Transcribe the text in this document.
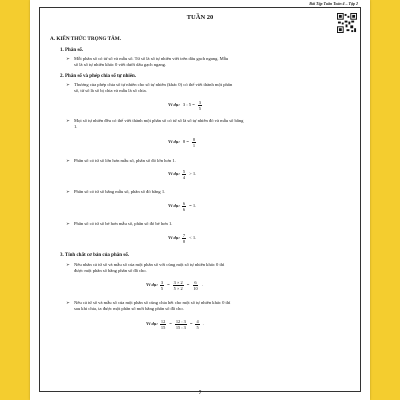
Bài Tập Tuần Toán 4 – Tập 2
TUẦN 20
A. KIẾN THỨC TRỌNG TÂM.
1. Phân số.
➢ Mỗi phân số có tử số và mẫu số. Tử số là số tự nhiên viết trên dấu gạch ngang. Mẫu

số là số tự nhiên khác 0 viết dưới dấu gạch ngang.

2. Phân số và phép chia số tự nhiên.
➢ Thương của phép chia số tự nhiên cho số tự nhiên (khác 0) có thể viết thành một phân

số, tử số là số bị chia và mẫu là số chia.

Ví dụ: 3 : $5 = \frac{3}{5}$
➢ Mọi số tự nhiên đều có thể viết thành một phân số có tử số là số tự nhiên đó và mẫu số bằng

1.

Ví dụ: $8 = \frac{8}{1}$
➢ Phân số có tử số lớn hơn mẫu số, phân số đó lớn hơn 1.

Ví dụ: $\frac{5}{4} > 1$.
➢ Phân số có tử số bằng mẫu số, phân số đó bằng 1.

Ví dụ: $\frac{6}{6} = 1$.
➢ Phân số có tử số bé hơn mẫu số, phân số đó bé hơn 1.

Ví dụ: $\frac{7}{8} < 1$.
3. Tính chất cơ bản của phân số.
➢ Nếu nhân cả tử số và mẫu số của một phân số với cùng một số tự nhiên khác 0 thì

được một phân số bằng phân số đã cho.

Ví dụ: $\frac{3}{5} = \frac{3 \times 2}{5 \times 2} = \frac{6}{10}$ .
➢ Nếu cả tử số và mẫu số của một phân số cùng chia hết cho một số tự nhiên khác 0 thì

sau khi chia, ta được một phân số mới bằng phân số đã cho.

Ví dụ: $\frac{12}{15} = \frac{12 : 3}{15 : 3} = \frac{4}{5}$ .
7
